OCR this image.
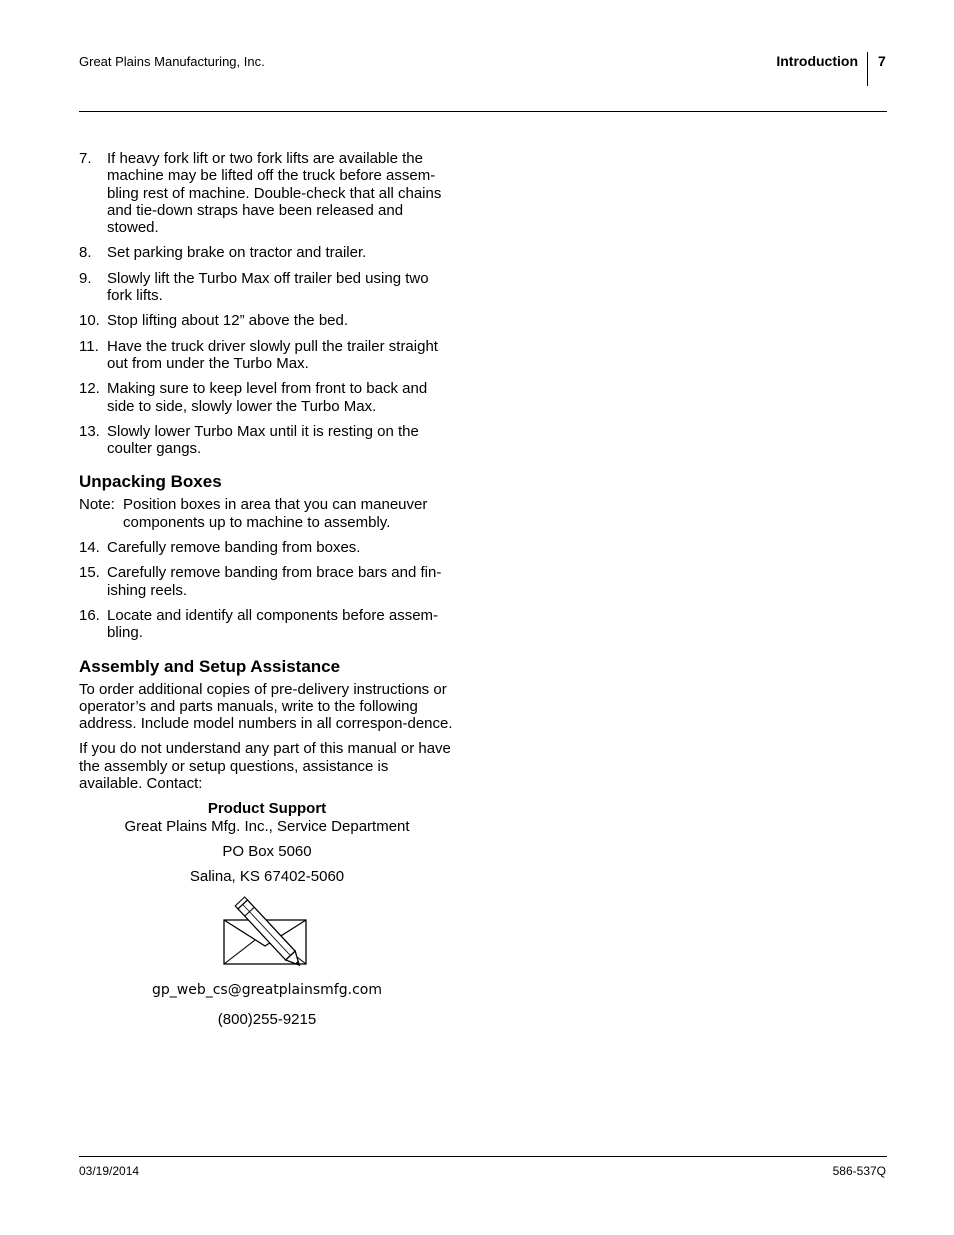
Great Plains Manufacturing, Inc.	Introduction 7
7. If heavy fork lift or two fork lifts are available the machine may be lifted off the truck before assem-bling rest of machine. Double-check that all chains and tie-down straps have been released and stowed.
8. Set parking brake on tractor and trailer.
9. Slowly lift the Turbo Max off trailer bed using two fork lifts.
10. Stop lifting about 12” above the bed.
11. Have the truck driver slowly pull the trailer straight out from under the Turbo Max.
12. Making sure to keep level from front to back and side to side, slowly lower the Turbo Max.
13. Slowly lower Turbo Max until it is resting on the coulter gangs.
Unpacking Boxes
Note: Position boxes in area that you can maneuver components up to machine to assembly.
14. Carefully remove banding from boxes.
15. Carefully remove banding from brace bars and fin-ishing reels.
16. Locate and identify all components before assem-bling.
Assembly and Setup Assistance

To order additional copies of pre-delivery instructions or operator’s and parts manuals, write to the following address. Include model numbers in all correspon-dence.

If you do not understand any part of this manual or have the assembly or setup questions, assistance is available. Contact:

Product Support
Great Plains Mfg. Inc., Service Department
PO Box 5060
Salina, KS 67402-5060
gp_web_cs@greatplainsmfg.com
(800)255-9215
03/19/2014	586-537Q
